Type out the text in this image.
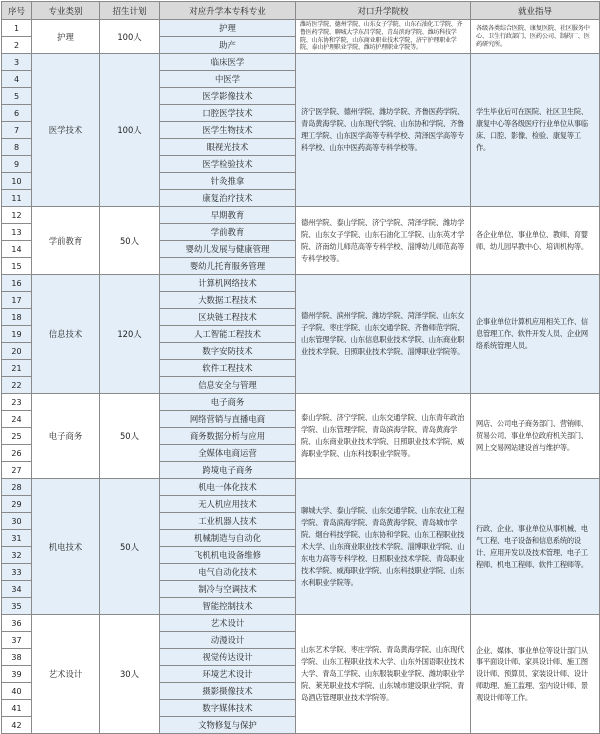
序号	专业类别	招生计划	对应升学本专科专业	对口升学院校	就业指导
1	护理	100人	护理	潍坊医学院、德州学院、山东女子学院、山东石油化工学院、齐鲁医药学院、聊城大学东昌学院、青岛滨海学院、潍坊科技学院、山东协和学院、山东商业职业技术学院、济宁护理职业学院、泰山护理职业学院、潍坊护理职业学院等。	各级各类综合医院、康复医院、社区服务中心、卫生行政部门、医药公司、制药厂、医药研究所。
2			助产		
3	医学技术	100人	临床医学	济宁医学院、德州学院、潍坊学院、齐鲁医药学院、青岛黄海学院、山东现代学院、山东协和学院、齐鲁理工学院、山东医学高等专科学校、菏泽医学高等专科学校、山东中医药高等专科学校等。	学生毕业后可在医院、社区卫生院、康复中心等各级医疗行业单位从事临床、口腔、影像、检验、康复等工作。
4			中医学		
5			医学影像技术		
6			口腔医学技术		
7			医学生物技术		
8			眼视光技术		
9			医学检验技术		
10			针灸推拿		
11			康复治疗技术		
12	学前教育	50人	早期教育	德州学院、泰山学院、济宁学院、菏泽学院、潍坊学院、山东女子学院、山东石油化工学院、山东英才学院、济南幼儿师范高等专科学校、淄博幼儿师范高等专科学校等。	各企业单位、事业单位、教师、育婴师、幼儿园早教中心、培训机构等。
13			学前教育		
14			婴幼儿发展与健康管理		
15			婴幼儿托育服务管理		
16	信息技术	120人	计算机网络技术	德州学院、滨州学院、潍坊学院、菏泽学院、山东女子学院、枣庄学院、山东交通学院、齐鲁师范学院、山东管理学院、山东信息职业技术学院、山东商业职业技术学院、日照职业技术学院、淄博职业学院等。	企事业单位计算机应用相关工作、信息管理工作、软件开发人员、企业网络系统管理人员。
17			大数据工程技术		
18			区块链工程技术		
19			人工智能工程技术		
20			数字安防技术		
21			软件工程技术		
22			信息安全与管理		
23	电子商务	50人	电子商务	泰山学院、济宁学院、山东交通学院、山东青年政治学院、山东管理学院、青岛滨海学院、青岛黄海学院、山东商业职业技术学院、日照职业技术学院、威海职业学院、山东科技职业学院等。	网店、公司电子商务部门、营销师、贸易公司、事业单位政府机关部门、网上交易网站建设首与维护等。
24			网络营销与直播电商		
25			商务数据分析与应用		
26			全媒体电商运营		
27			跨境电子商务		
28	机电技术	50人	机电一体化技术	聊城大学、泰山学院、山东交通学院、山东农业工程学院、青岛滨海学院、青岛黄海学院、青岛城市学院、烟台科技学院、山东协和学院、山东工程职业技术大学、山东商业职业技术学院、淄博职业学院、山东电力高等专科学校、日照职业技术学院、青岛职业技术学院、威海职业学院、山东科技职业学院、山东水利职业学院等。	行政、企业、事业单位从事机械、电气工程、电子设备和信息系统的设计、应用开发以及技术管理、电子工程师、机电工程师、软件工程师等。
29			无人机应用技术		
30			工业机器人技术		
31			机械制造与自动化		
32			飞机机电设备维修		
33			电气自动化技术		
34			制冷与空调技术		
35			智能控制技术		
36	艺术设计	30人	艺术设计	山东艺术学院、枣庄学院、青岛黄海学院、山东现代学院、山东工程职业技术大学、山东外国语职业技术大学、青岛工学院、山东服装职业学院、潍坊职业学院、莱芜职业技术学院、山东城市建设职业学院、青岛酒店管理职业技术学院等。	企业、媒体、事业单位等设计部门从事平面设计师、家具设计师、施工图设计师、预算员、家装设计师、设计师助理、施工监理、室内设计师、景观设计师等工作。
37			动漫设计		
38			视觉传达设计		
39			环境艺术设计		
40			摄影摄像技术		
41			数字媒体技术		
42			文物修复与保护		
